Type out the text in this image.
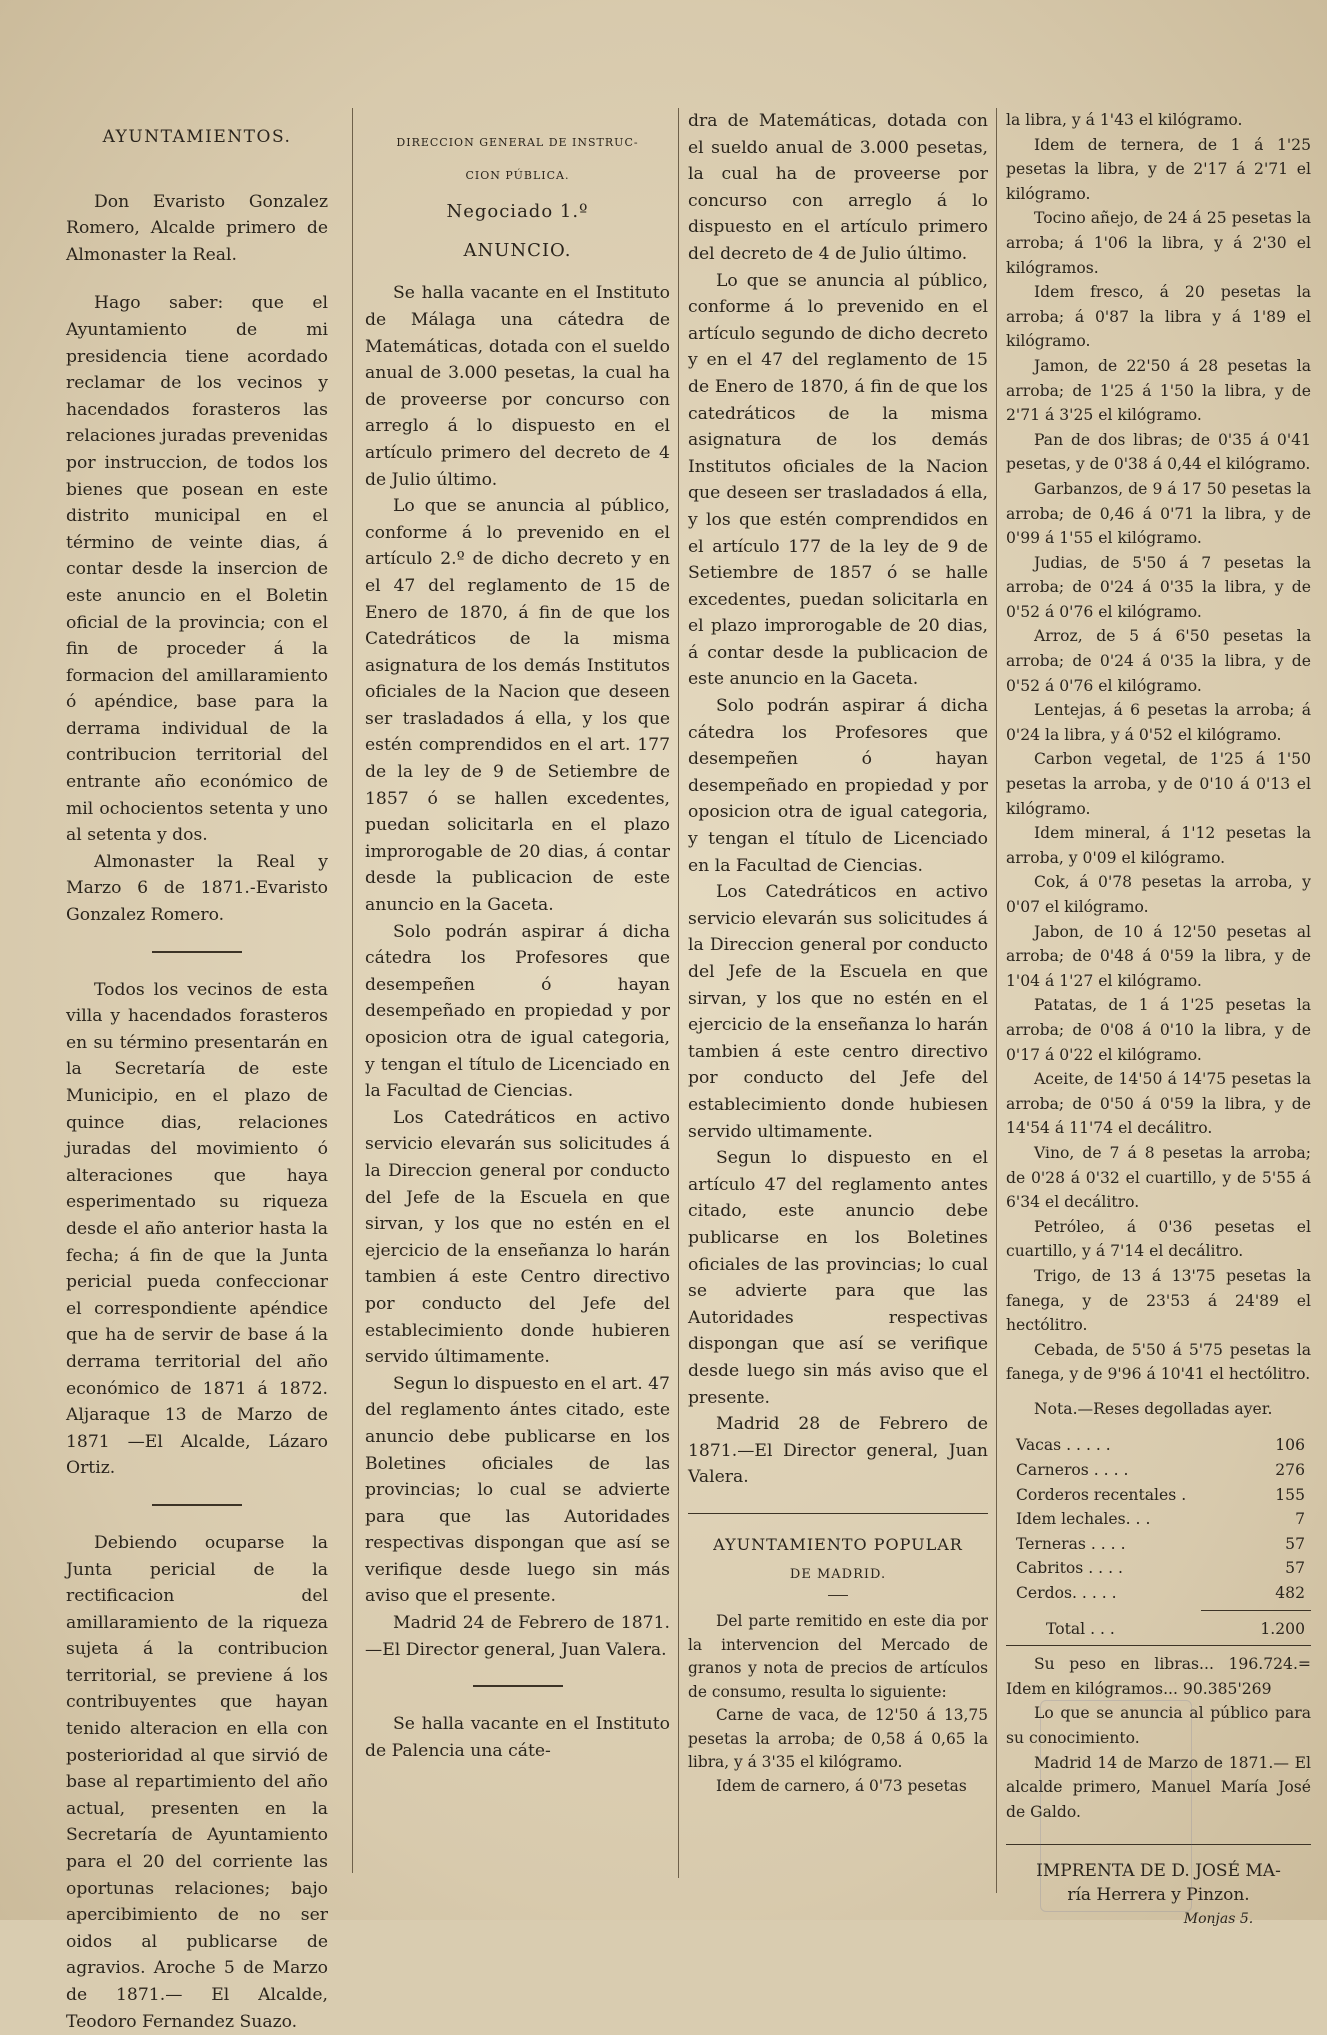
AYUNTAMIENTOS.

Don Evaristo Gonzalez Romero, Alcalde primero de Almonaster la Real.

Hago saber: que el Ayuntamiento de mi presidencia tiene acordado reclamar de los vecinos y hacendados forasteros las relaciones juradas prevenidas por instruccion, de todos los bienes que posean en este distrito municipal en el término de veinte dias, á contar desde la insercion de este anuncio en el Boletin oficial de la provincia; con el fin de proceder á la formacion del amillaramiento ó apéndice, base para la derrama individual de la contribucion territorial del entrante año económico de mil ochocientos setenta y uno al setenta y dos.

Almonaster la Real y Marzo 6 de 1871.-Evaristo Gonzalez Romero.

Todos los vecinos de esta villa y hacendados forasteros en su término presentarán en la Secretaría de este Municipio, en el plazo de quince dias, relaciones juradas del movimiento ó alteraciones que haya esperimentado su riqueza desde el año anterior hasta la fecha; á fin de que la Junta pericial pueda confeccionar el correspondiente apéndice que ha de servir de base á la derrama territorial del año económico de 1871 á 1872. Aljaraque 13 de Marzo de 1871 —El Alcalde, Lázaro Ortiz.

Debiendo ocuparse la Junta pericial de la rectificacion del amillaramiento de la riqueza sujeta á la contribucion territorial, se previene á los contribuyentes que hayan tenido alteracion en ella con posterioridad al que sirvió de base al repartimiento del año actual, presenten en la Secretaría de Ayuntamiento para el 20 del corriente las oportunas relaciones; bajo apercibimiento de no ser oidos al publicarse de agravios. Aroche 5 de Marzo de 1871.— El Alcalde, Teodoro Fernandez Suazo.

DIRECCION GENERAL DE INSTRUC-
CION PÚBLICA.
Negociado 1.º
ANUNCIO.

Se halla vacante en el Instituto de Málaga una cátedra de Matemáticas, dotada con el sueldo anual de 3.000 pesetas, la cual ha de proveerse por concurso con arreglo á lo dispuesto en el artículo primero del decreto de 4 de Julio último.

Lo que se anuncia al público, conforme á lo prevenido en el artículo 2.º de dicho decreto y en el 47 del reglamento de 15 de Enero de 1870, á fin de que los Catedráticos de la misma asignatura de los demás Institutos oficiales de la Nacion que deseen ser trasladados á ella, y los que estén comprendidos en el art. 177 de la ley de 9 de Setiembre de 1857 ó se hallen excedentes, puedan solicitarla en el plazo improrogable de 20 dias, á contar desde la publicacion de este anuncio en la Gaceta.

Solo podrán aspirar á dicha cátedra los Profesores que desempeñen ó hayan desempeñado en propiedad y por oposicion otra de igual categoria, y tengan el título de Licenciado en la Facultad de Ciencias.

Los Catedráticos en activo servicio elevarán sus solicitudes á la Direccion general por conducto del Jefe de la Escuela en que sirvan, y los que no estén en el ejercicio de la enseñanza lo harán tambien á este Centro directivo por conducto del Jefe del establecimiento donde hubieren servido últimamente.

Segun lo dispuesto en el art. 47 del reglamento ántes citado, este anuncio debe publicarse en los Boletines oficiales de las provincias; lo cual se advierte para que las Autoridades respectivas dispongan que así se verifique desde luego sin más aviso que el presente.

Madrid 24 de Febrero de 1871.—El Director general, Juan Valera.

Se halla vacante en el Instituto de Palencia una cáte-

dra de Matemáticas, dotada con el sueldo anual de 3.000 pesetas, la cual ha de proveerse por concurso con arreglo á lo dispuesto en el artículo primero del decreto de 4 de Julio último.

Lo que se anuncia al público, conforme á lo prevenido en el artículo segundo de dicho decreto y en el 47 del reglamento de 15 de Enero de 1870, á fin de que los catedráticos de la misma asignatura de los demás Institutos oficiales de la Nacion que deseen ser trasladados á ella, y los que estén comprendidos en el artículo 177 de la ley de 9 de Setiembre de 1857 ó se halle excedentes, puedan solicitarla en el plazo improrogable de 20 dias, á contar desde la publicacion de este anuncio en la Gaceta.

Solo podrán aspirar á dicha cátedra los Profesores que desempeñen ó hayan desempeñado en propiedad y por oposicion otra de igual categoria, y tengan el título de Licenciado en la Facultad de Ciencias.

Los Catedráticos en activo servicio elevarán sus solicitudes á la Direccion general por conducto del Jefe de la Escuela en que sirvan, y los que no estén en el ejercicio de la enseñanza lo harán tambien á este centro directivo por conducto del Jefe del establecimiento donde hubiesen servido ultimamente.

Segun lo dispuesto en el artículo 47 del reglamento antes citado, este anuncio debe publicarse en los Boletines oficiales de las provincias; lo cual se advierte para que las Autoridades respectivas dispongan que así se verifique desde luego sin más aviso que el presente.

Madrid 28 de Febrero de 1871.—El Director general, Juan Valera.

AYUNTAMIENTO POPULAR
DE MADRID.

Del parte remitido en este dia por la intervencion del Mercado de granos y nota de precios de artículos de consumo, resulta lo siguiente:

Carne de vaca, de 12'50 á 13,75 pesetas la arroba; de 0,58 á 0,65 la libra, y á 3'35 el kilógramo.

Idem de carnero, á 0'73 pesetas

la libra, y á 1'43 el kilógramo.

Idem de ternera, de 1 á 1'25 pesetas la libra, y de 2'17 á 2'71 el kilógramo.

Tocino añejo, de 24 á 25 pesetas la arroba; á 1'06 la libra, y á 2'30 el kilógramos.

Idem fresco, á 20 pesetas la arroba; á 0'87 la libra y á 1'89 el kilógramo.

Jamon, de 22'50 á 28 pesetas la arroba; de 1'25 á 1'50 la libra, y de 2'71 á 3'25 el kilógramo.

Pan de dos libras; de 0'35 á 0'41 pesetas, y de 0'38 á 0,44 el kilógramo.

Garbanzos, de 9 á 17 50 pesetas la arroba; de 0,46 á 0'71 la libra, y de 0'99 á 1'55 el kilógramo.

Judias, de 5'50 á 7 pesetas la arroba; de 0'24 á 0'35 la libra, y de 0'52 á 0'76 el kilógramo.

Arroz, de 5 á 6'50 pesetas la arroba; de 0'24 á 0'35 la libra, y de 0'52 á 0'76 el kilógramo.

Lentejas, á 6 pesetas la arroba; á 0'24 la libra, y á 0'52 el kilógramo.

Carbon vegetal, de 1'25 á 1'50 pesetas la arroba, y de 0'10 á 0'13 el kilógramo.

Idem mineral, á 1'12 pesetas la arroba, y 0'09 el kilógramo.

Cok, á 0'78 pesetas la arroba, y 0'07 el kilógramo.

Jabon, de 10 á 12'50 pesetas al arroba; de 0'48 á 0'59 la libra, y de 1'04 á 1'27 el kilógramo.

Patatas, de 1 á 1'25 pesetas la arroba; de 0'08 á 0'10 la libra, y de 0'17 á 0'22 el kilógramo.

Aceite, de 14'50 á 14'75 pesetas la arroba; de 0'50 á 0'59 la libra, y de 14'54 á 11'74 el decálitro.

Vino, de 7 á 8 pesetas la arroba; de 0'28 á 0'32 el cuartillo, y de 5'55 á 6'34 el decálitro.

Petróleo, á 0'36 pesetas el cuartillo, y á 7'14 el decálitro.

Trigo, de 13 á 13'75 pesetas la fanega, y de 23'53 á 24'89 el hectólitro.

Cebada, de 5'50 á 5'75 pesetas la fanega, y de 9'96 á 10'41 el hectólitro.

Nota.—Reses degolladas ayer.

Vacas . . . . .	106
Carneros . . . .	276
Corderos recentales .	155
Idem lechales. . .	7
Terneras . . . .	57
Cabritos . . . .	57
Cerdos. . . . .	482
Total . . .	1.200

Su peso en libras... 196.724.= Idem en kilógramos... 90.385'269

Lo que se anuncia al público para su conocimiento.

Madrid 14 de Marzo de 1871.— El alcalde primero, Manuel María José de Galdo.

IMPRENTA DE D. JOSÉ MA-
ría Herrera y Pinzon.
Monjas 5.
